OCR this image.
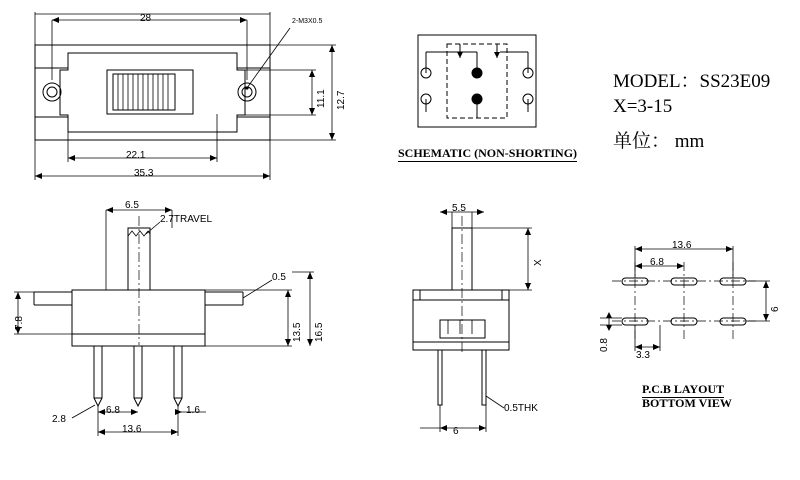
MODEL：SS23E09
X=3-15
单位： mm
SCHEMATIC (NON-SHORTING)
P.C.B LAYOUT
BOTTOM VIEW
28	2-M3X0.5
22.1
35.3
11.1 12.7
6.5
2.7TRAVEL
0.5
7.8	13.5 16.5
2.8
6.8	1.6
13.6
5.5
X
0.5THK
6
13.6
6.8
6
0.8
3.3
